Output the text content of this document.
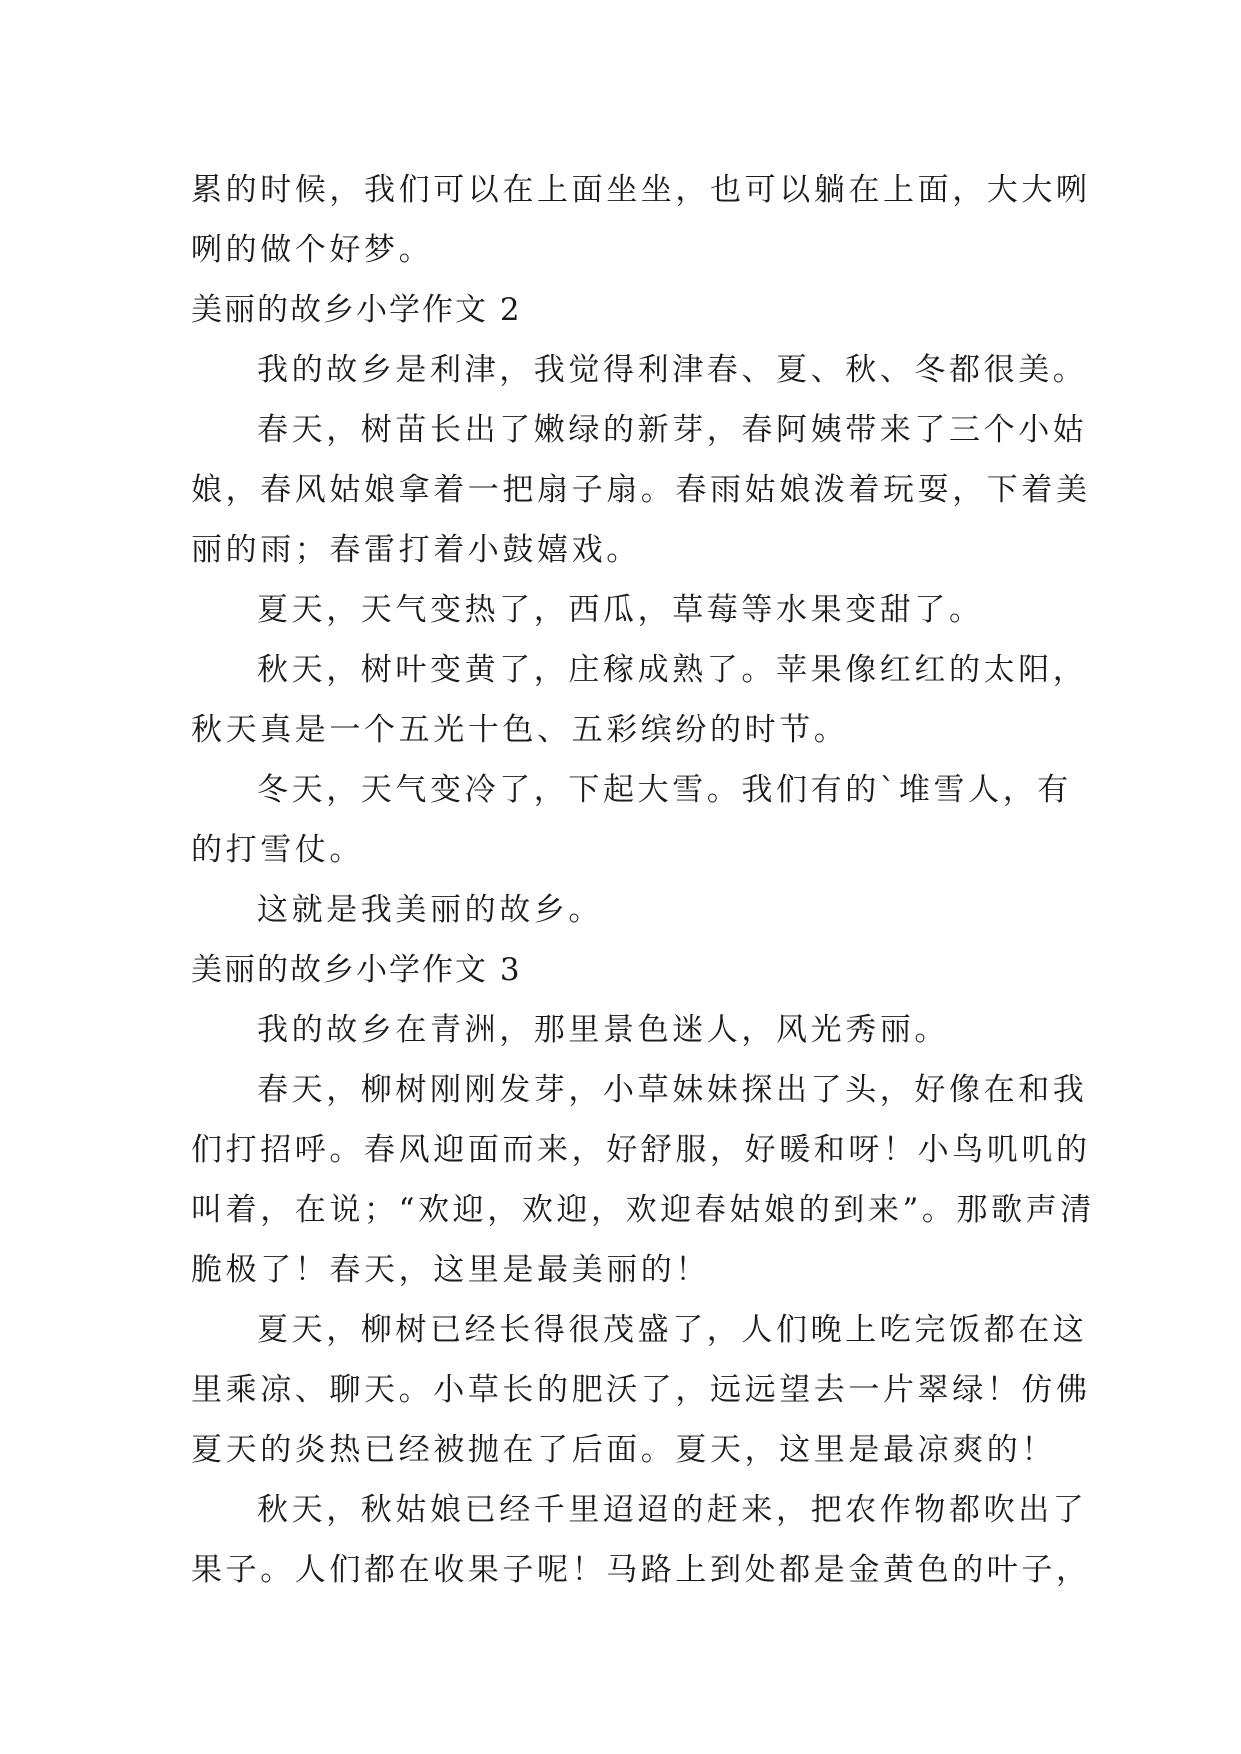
累的时候，我们可以在上面坐坐，也可以躺在上面，大大咧
咧的做个好梦。
美丽的故乡小学作文 2
我的故乡是利津，我觉得利津春、夏、秋、冬都很美。
春天，树苗长出了嫩绿的新芽，春阿姨带来了三个小姑
娘，春风姑娘拿着一把扇子扇。春雨姑娘泼着玩耍，下着美
丽的雨；春雷打着小鼓嬉戏。
夏天，天气变热了，西瓜，草莓等水果变甜了。
秋天，树叶变黄了，庄稼成熟了。苹果像红红的太阳，
秋天真是一个五光十色、五彩缤纷的时节。
冬天，天气变冷了，下起大雪。我们有的`堆雪人，有
的打雪仗。
这就是我美丽的故乡。
美丽的故乡小学作文 3
我的故乡在青洲，那里景色迷人，风光秀丽。
春天，柳树刚刚发芽，小草妹妹探出了头，好像在和我
们打招呼。春风迎面而来，好舒服，好暖和呀！小鸟叽叽的
叫着，在说；“欢迎，欢迎，欢迎春姑娘的到来”。那歌声清
脆极了！春天，这里是最美丽的！
夏天，柳树已经长得很茂盛了，人们晚上吃完饭都在这
里乘凉、聊天。小草长的肥沃了，远远望去一片翠绿！仿佛
夏天的炎热已经被抛在了后面。夏天，这里是最凉爽的！
秋天，秋姑娘已经千里迢迢的赶来，把农作物都吹出了
果子。人们都在收果子呢！马路上到处都是金黄色的叶子，
